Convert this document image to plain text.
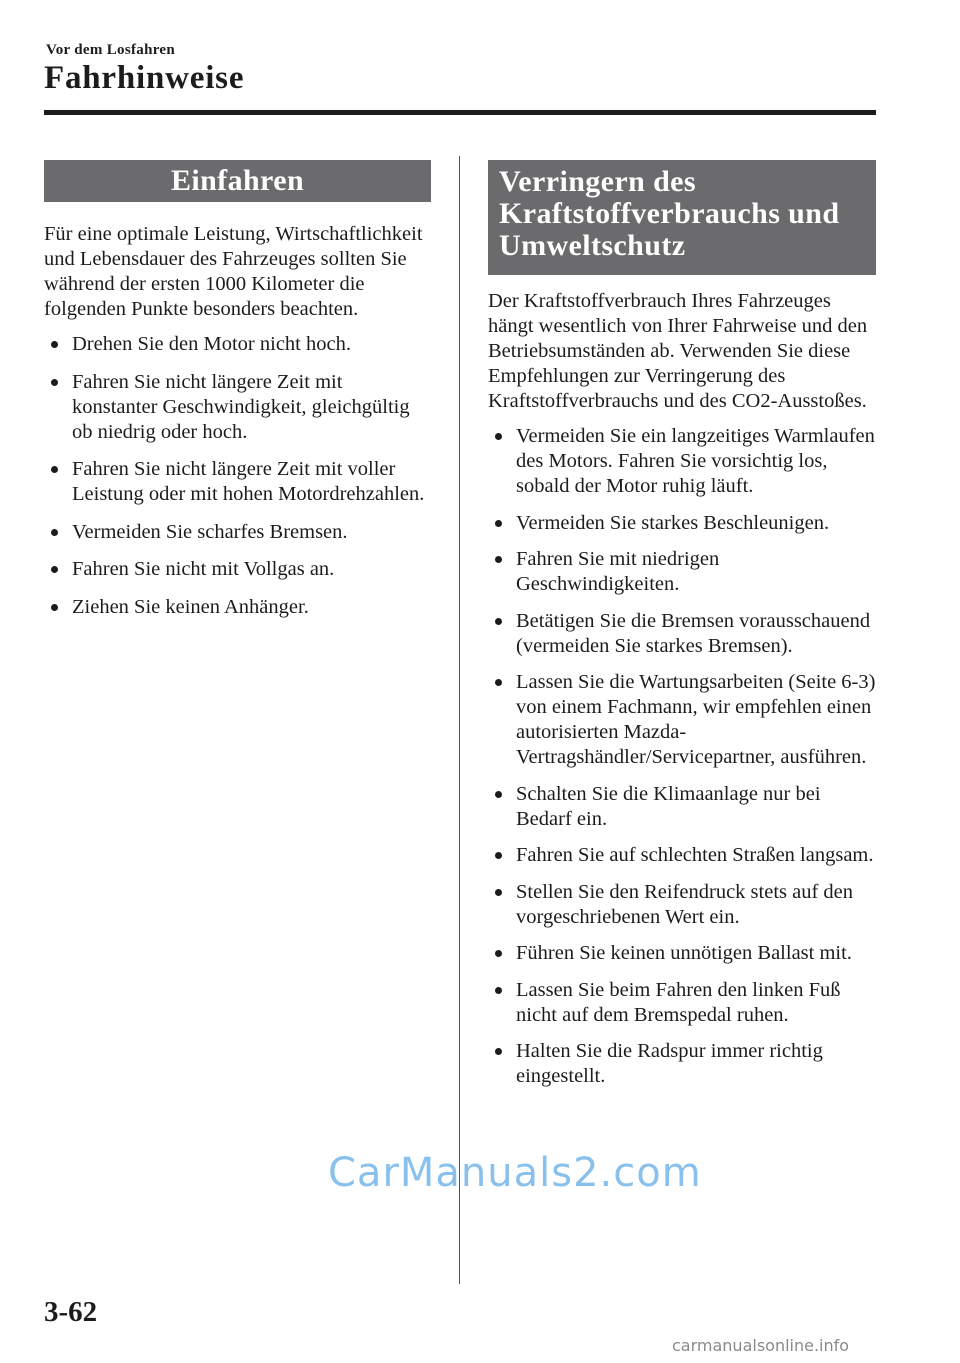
Vor dem Losfahren
Fahrhinweise
Einfahren
Für eine optimale Leistung, Wirtschaftlichkeit und Lebensdauer des Fahrzeuges sollten Sie während der ersten 1000 Kilometer die folgenden Punkte besonders beachten.
Drehen Sie den Motor nicht hoch.
Fahren Sie nicht längere Zeit mit konstanter Geschwindigkeit, gleichgültig ob niedrig oder hoch.
Fahren Sie nicht längere Zeit mit voller Leistung oder mit hohen Motordrehzahlen.
Vermeiden Sie scharfes Bremsen.
Fahren Sie nicht mit Vollgas an.
Ziehen Sie keinen Anhänger.
Verringern des
Kraftstoffverbrauchs und
Umweltschutz
Der Kraftstoffverbrauch Ihres Fahrzeuges hängt wesentlich von Ihrer Fahrweise und den Betriebsumständen ab. Verwenden Sie diese Empfehlungen zur Verringerung des Kraftstoffverbrauchs und des CO2-Ausstoßes.
Vermeiden Sie ein langzeitiges Warmlaufen des Motors. Fahren Sie vorsichtig los, sobald der Motor ruhig läuft.
Vermeiden Sie starkes Beschleunigen.
Fahren Sie mit niedrigen Geschwindigkeiten.
Betätigen Sie die Bremsen vorausschauend (vermeiden Sie starkes Bremsen).
Lassen Sie die Wartungsarbeiten (Seite 6-3) von einem Fachmann, wir empfehlen einen autorisierten Mazda-Vertragshändler/Servicepartner, ausführen.
Schalten Sie die Klimaanlage nur bei Bedarf ein.
Fahren Sie auf schlechten Straßen langsam.
Stellen Sie den Reifendruck stets auf den vorgeschriebenen Wert ein.
Führen Sie keinen unnötigen Ballast mit.
Lassen Sie beim Fahren den linken Fuß nicht auf dem Bremspedal ruhen.
Halten Sie die Radspur immer richtig eingestellt.
3-62
CarManuals2.com
carmanualsonline.info
